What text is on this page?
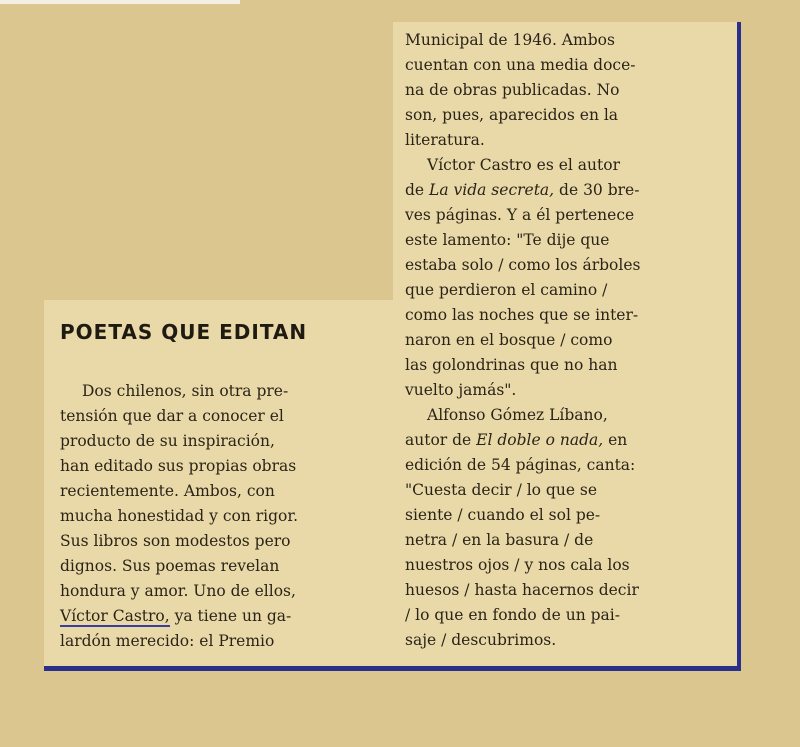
POETAS QUE EDITAN
Dos chilenos, sin otra pre-
tensión que dar a conocer el
producto de su inspiración,
han editado sus propias obras
recientemente. Ambos, con
mucha honestidad y con rigor.
Sus libros son modestos pero
dignos. Sus poemas revelan
hondura y amor. Uno de ellos,
Víctor Castro, ya tiene un ga-
lardón merecido: el Premio
Municipal de 1946. Ambos
cuentan con una media doce-
na de obras publicadas. No
son, pues, aparecidos en la
literatura.
Víctor Castro es el autor
de La vida secreta, de 30 bre-
ves páginas. Y a él pertenece
este lamento: "Te dije que
estaba solo / como los árboles
que perdieron el camino /
como las noches que se inter-
naron en el bosque / como
las golondrinas que no han
vuelto jamás".
Alfonso Gómez Líbano,
autor de El doble o nada, en
edición de 54 páginas, canta:
"Cuesta decir / lo que se
siente / cuando el sol pe-
netra / en la basura / de
nuestros ojos / y nos cala los
huesos / hasta hacernos decir
/ lo que en fondo de un pai-
saje / descubrimos.
